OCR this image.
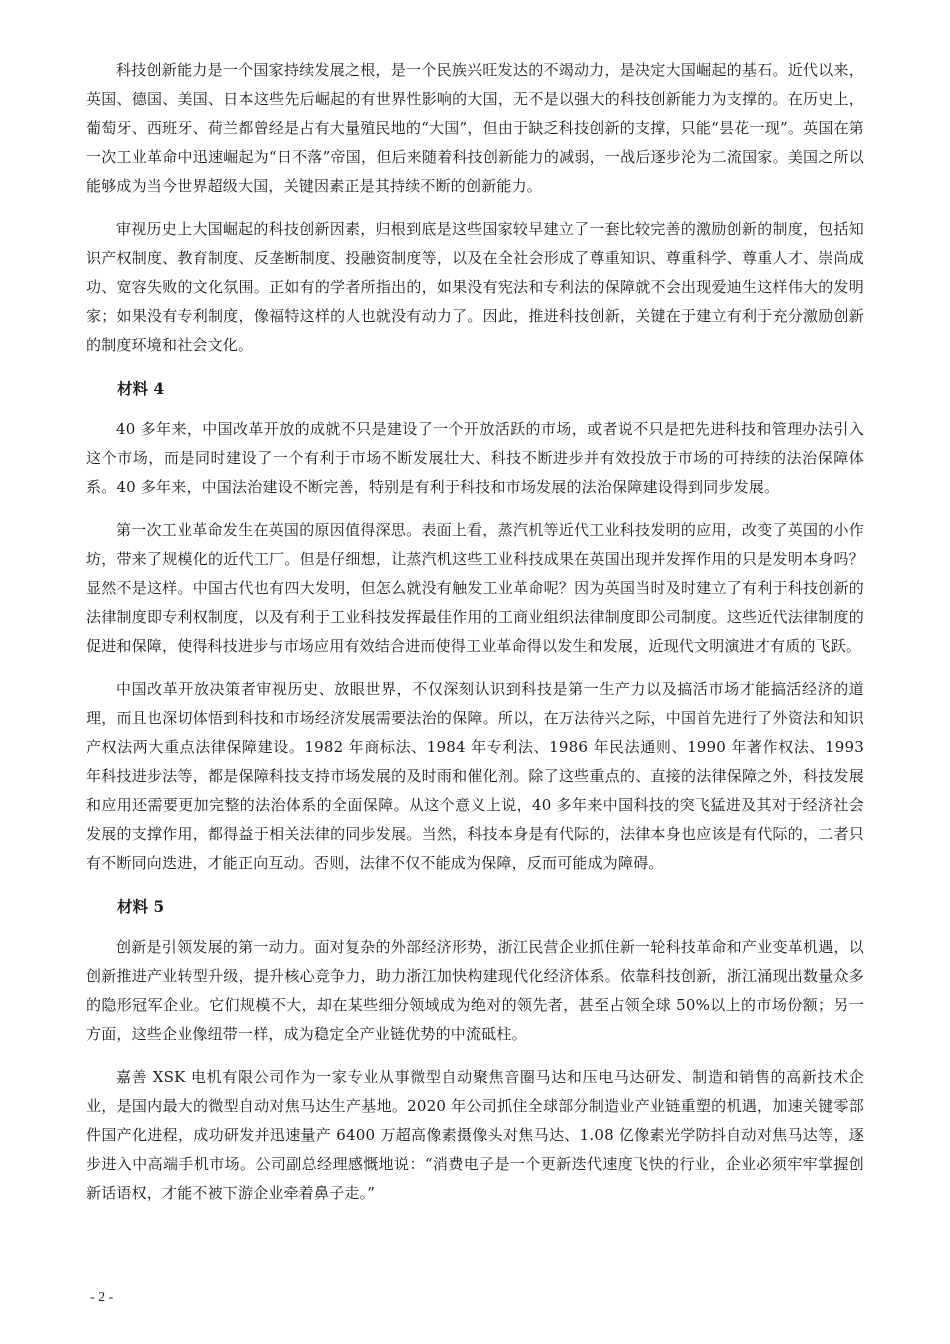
科技创新能力是一个国家持续发展之根，是一个民族兴旺发达的不竭动力，是决定大国崛起的基石。近代以来，英国、德国、美国、日本这些先后崛起的有世界性影响的大国，无不是以强大的科技创新能力为支撑的。在历史上，葡萄牙、西班牙、荷兰都曾经是占有大量殖民地的“大国”，但由于缺乏科技创新的支撑，只能“昙花一现”。英国在第一次工业革命中迅速崛起为“日不落”帝国，但后来随着科技创新能力的减弱，一战后逐步沦为二流国家。美国之所以能够成为当今世界超级大国，关键因素正是其持续不断的创新能力。

审视历史上大国崛起的科技创新因素，归根到底是这些国家较早建立了一套比较完善的激励创新的制度，包括知识产权制度、教育制度、反垄断制度、投融资制度等，以及在全社会形成了尊重知识、尊重科学、尊重人才、崇尚成功、宽容失败的文化氛围。正如有的学者所指出的，如果没有宪法和专利法的保障就不会出现爱迪生这样伟大的发明家；如果没有专利制度，像福特这样的人也就没有动力了。因此，推进科技创新，关键在于建立有利于充分激励创新的制度环境和社会文化。

材料 4

40 多年来，中国改革开放的成就不只是建设了一个开放活跃的市场，或者说不只是把先进科技和管理办法引入这个市场，而是同时建设了一个有利于市场不断发展壮大、科技不断进步并有效投放于市场的可持续的法治保障体系。40 多年来，中国法治建设不断完善，特别是有利于科技和市场发展的法治保障建设得到同步发展。

第一次工业革命发生在英国的原因值得深思。表面上看，蒸汽机等近代工业科技发明的应用，改变了英国的小作坊，带来了规模化的近代工厂。但是仔细想，让蒸汽机这些工业科技成果在英国出现并发挥作用的只是发明本身吗？显然不是这样。中国古代也有四大发明，但怎么就没有触发工业革命呢？因为英国当时及时建立了有利于科技创新的法律制度即专利权制度，以及有利于工业科技发挥最佳作用的工商业组织法律制度即公司制度。这些近代法律制度的促进和保障，使得科技进步与市场应用有效结合进而使得工业革命得以发生和发展，近现代文明演进才有质的飞跃。

中国改革开放决策者审视历史、放眼世界，不仅深刻认识到科技是第一生产力以及搞活市场才能搞活经济的道理，而且也深切体悟到科技和市场经济发展需要法治的保障。所以，在万法待兴之际，中国首先进行了外资法和知识产权法两大重点法律保障建设。1982 年商标法、1984 年专利法、1986 年民法通则、1990 年著作权法、1993 年科技进步法等，都是保障科技支持市场发展的及时雨和催化剂。除了这些重点的、直接的法律保障之外，科技发展和应用还需要更加完整的法治体系的全面保障。从这个意义上说，40 多年来中国科技的突飞猛进及其对于经济社会发展的支撑作用，都得益于相关法律的同步发展。当然，科技本身是有代际的，法律本身也应该是有代际的，二者只有不断同向迭进，才能正向互动。否则，法律不仅不能成为保障，反而可能成为障碍。

材料 5

创新是引领发展的第一动力。面对复杂的外部经济形势，浙江民营企业抓住新一轮科技革命和产业变革机遇，以创新推进产业转型升级，提升核心竞争力，助力浙江加快构建现代化经济体系。依靠科技创新，浙江涌现出数量众多的隐形冠军企业。它们规模不大，却在某些细分领域成为绝对的领先者，甚至占领全球 50%以上的市场份额；另一方面，这些企业像纽带一样，成为稳定全产业链优势的中流砥柱。

嘉善 XSK 电机有限公司作为一家专业从事微型自动聚焦音圈马达和压电马达研发、制造和销售的高新技术企业，是国内最大的微型自动对焦马达生产基地。2020 年公司抓住全球部分制造业产业链重塑的机遇，加速关键零部件国产化进程，成功研发并迅速量产 6400 万超高像素摄像头对焦马达、1.08 亿像素光学防抖自动对焦马达等，逐步进入中高端手机市场。公司副总经理感慨地说：“消费电子是一个更新迭代速度飞快的行业，企业必须牢牢掌握创新话语权，才能不被下游企业牵着鼻子走。”

- 2 -
